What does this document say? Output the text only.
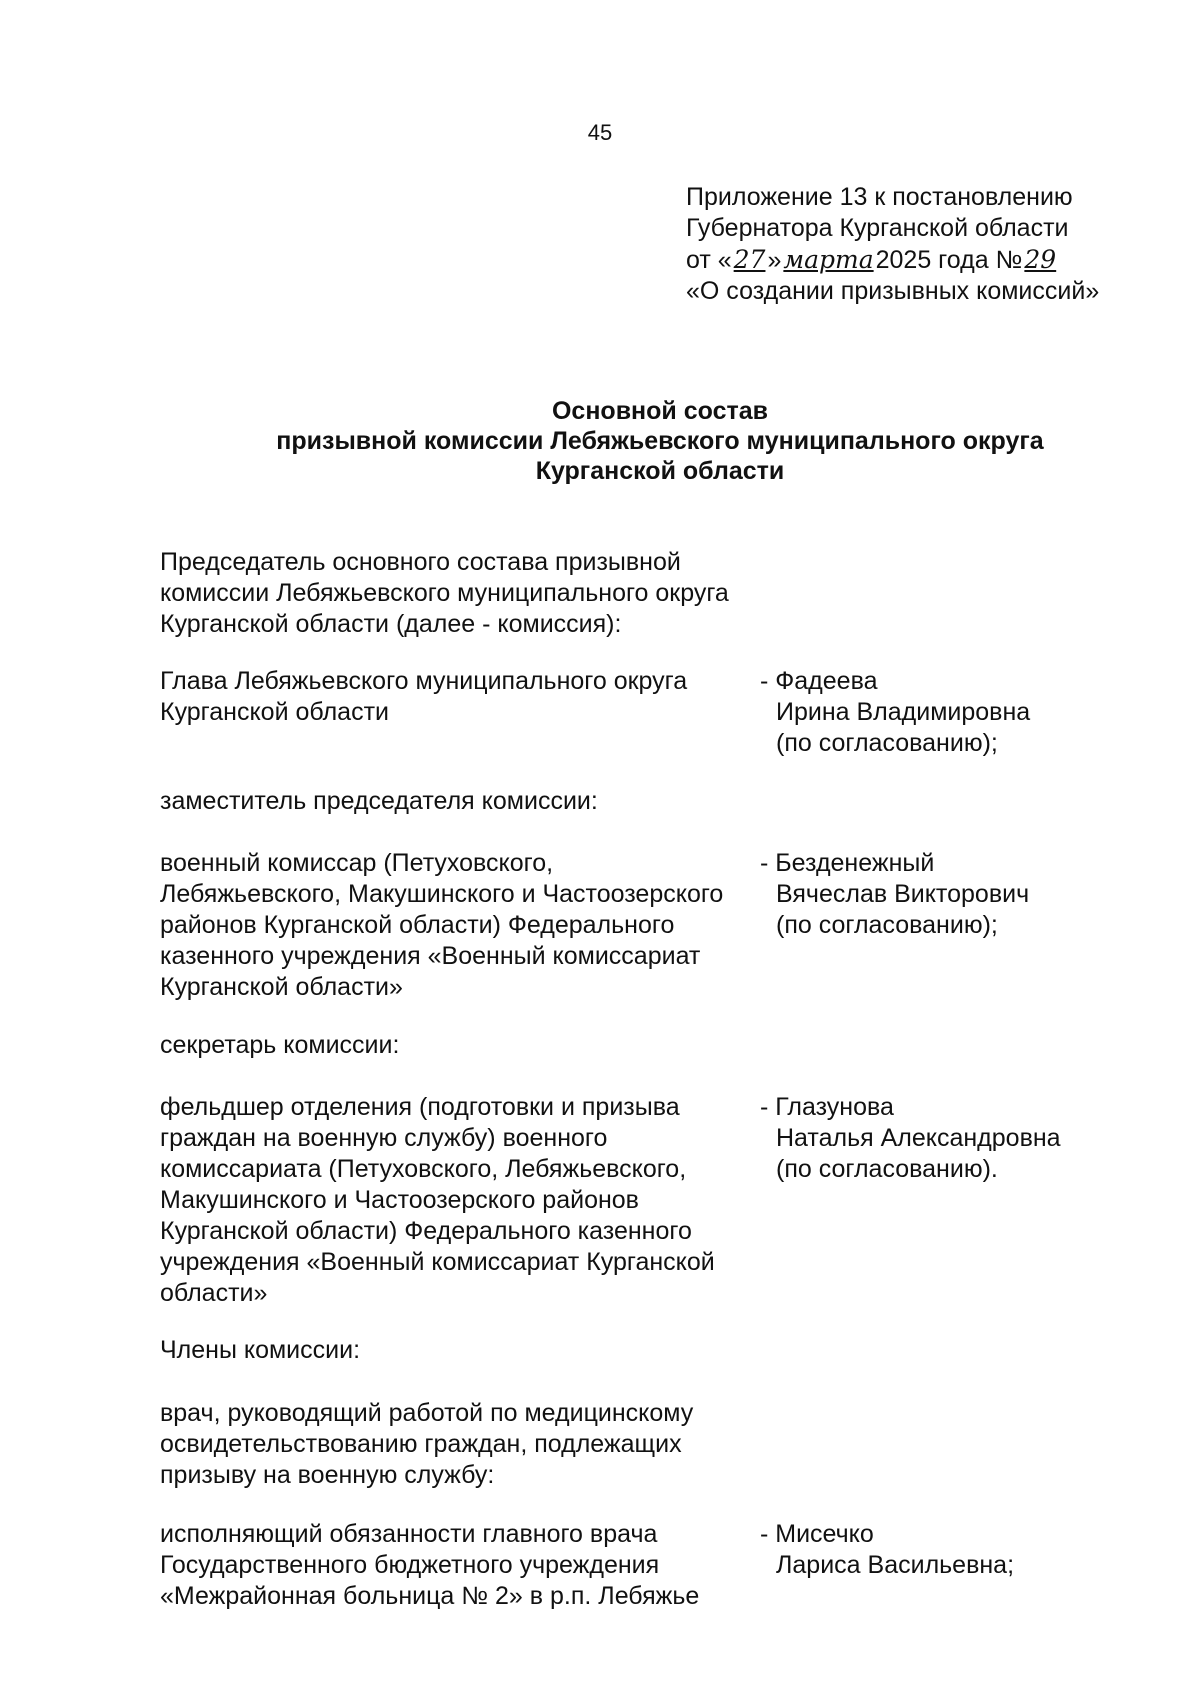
45
Приложение 13 к постановлению
Губернатора Курганской области
от «27»марта2025 года №29
«О создании призывных комиссий»
Основной состав
призывной комиссии Лебяжьевского муниципального округа
Курганской области
Председатель основного состава призывной
комиссии Лебяжьевского муниципального округа
Курганской области (далее - комиссия):
Глава Лебяжьевского муниципального округа
Курганской области
- Фадеева
Ирина Владимировна
(по согласованию);
заместитель председателя комиссии:
военный комиссар (Петуховского,
Лебяжьевского, Макушинского и Частоозерского
районов Курганской области) Федерального
казенного учреждения «Военный комиссариат
Курганской области»
- Безденежный
Вячеслав Викторович
(по согласованию);
секретарь комиссии:
фельдшер отделения (подготовки и призыва
граждан на военную службу) военного
комиссариата (Петуховского, Лебяжьевского,
Макушинского и Частоозерского районов
Курганской области) Федерального казенного
учреждения «Военный комиссариат Курганской
области»
- Глазунова
Наталья Александровна
(по согласованию).
Члены комиссии:
врач, руководящий работой по медицинскому
освидетельствованию граждан, подлежащих
призыву на военную службу:
исполняющий обязанности главного врача
Государственного бюджетного учреждения
«Межрайонная больница № 2» в р.п. Лебяжье
- Мисечко
Лариса Васильевна;
